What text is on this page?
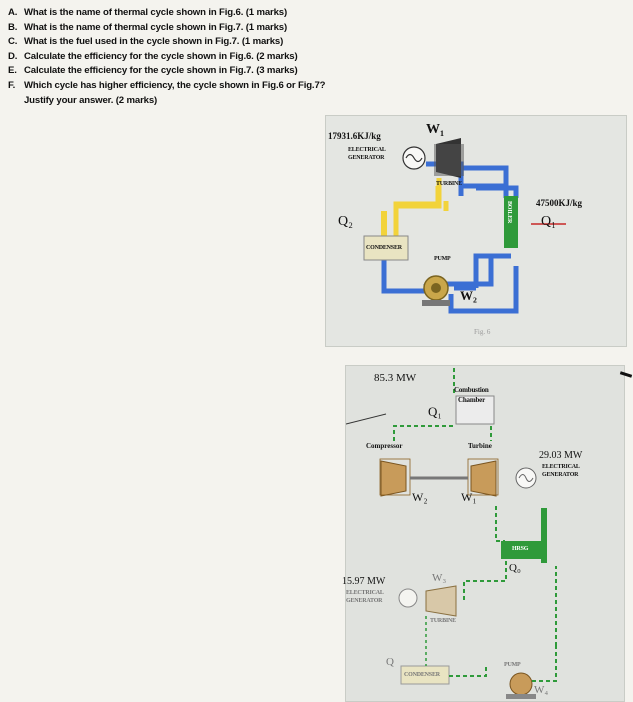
A. What is the name of thermal cycle shown in Fig.6. (1 marks)
B. What is the name of thermal cycle shown in Fig.7. (1 marks)
C. What is the fuel used in the cycle shown in Fig.7. (1 marks)
D. Calculate the efficiency for the cycle shown in Fig.6. (2 marks)
E. Calculate the efficiency for the cycle shown in Fig.7. (3 marks)
F. Which cycle has higher efficiency, the cycle shown in Fig.6 or Fig.7?
Justify your answer. (2 marks)
17931.6KJ/kg	W₁
ELECTRICAL
GENERATOR
TURBINE
47500KJ/kg
Q₁
BOILER
Q₂
CONDENSER
PUMP
W₂
Fig. 6
85.3 MW
Q₁
Combustion
Chamber
Compressor	Turbine
29.03 MW
ELECTRICAL
GENERATOR
W₂	W₁
HRSG
Q₀
15.97 MW
ELECTRICAL
GENERATOR
W₃
TURBINE
PUMP
Q
CONDENSER
W₄
